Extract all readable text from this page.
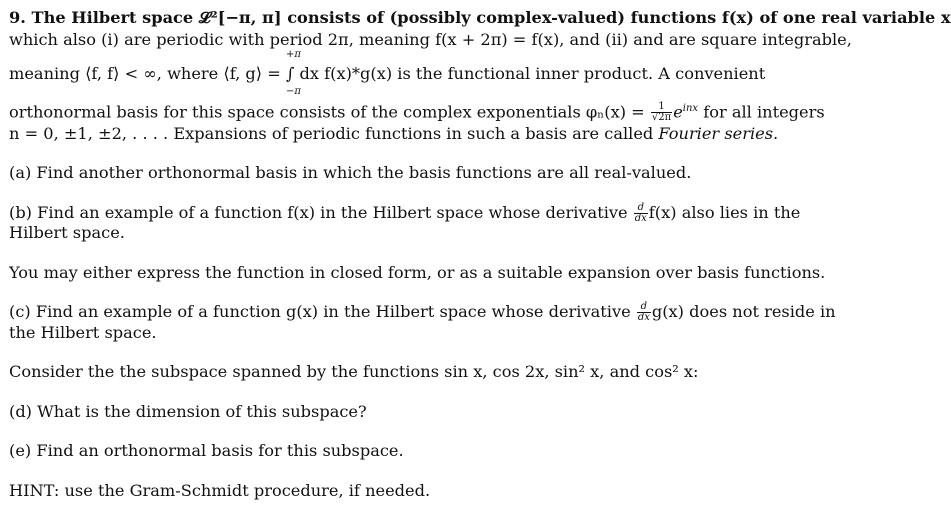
9. The Hilbert space 𝓛²[−π, π] consists of (possibly complex-valued) functions f(x) of one real variable x
which also (i) are periodic with period 2π, meaning f(x + 2π) = f(x), and (ii) and are square integrable,
meaning ⟨f, f⟩ < ∞, where ⟨f, g⟩ =
+π
∫
−π
dx f(x)*g(x) is the functional inner product. A convenient
orthonormal basis for this space consists of the complex exponentials $\varphi_n(x) = \frac{1}{√2\pi} e^{inx}$ for all integers
n = 0, ±1, ±2, . . . . Expansions of periodic functions in such a basis are called Fourier series.
(a) Find another orthonormal basis in which the basis functions are all real-valued.
(b) Find an example of a function f(x) in the Hilbert space whose derivative $\frac{d}{dx} f(x)$ also lies in the
Hilbert space.
You may either express the function in closed form, or as a suitable expansion over basis functions.
(c) Find an example of a function g(x) in the Hilbert space whose derivative $\frac{d}{dx} g(x)$ does not reside in
the Hilbert space.
Consider the the subspace spanned by the functions sin x, cos 2x, sin² x, and cos² x:
(d) What is the dimension of this subspace?
(e) Find an orthonormal basis for this subspace.
HINT: use the Gram-Schmidt procedure, if needed.
